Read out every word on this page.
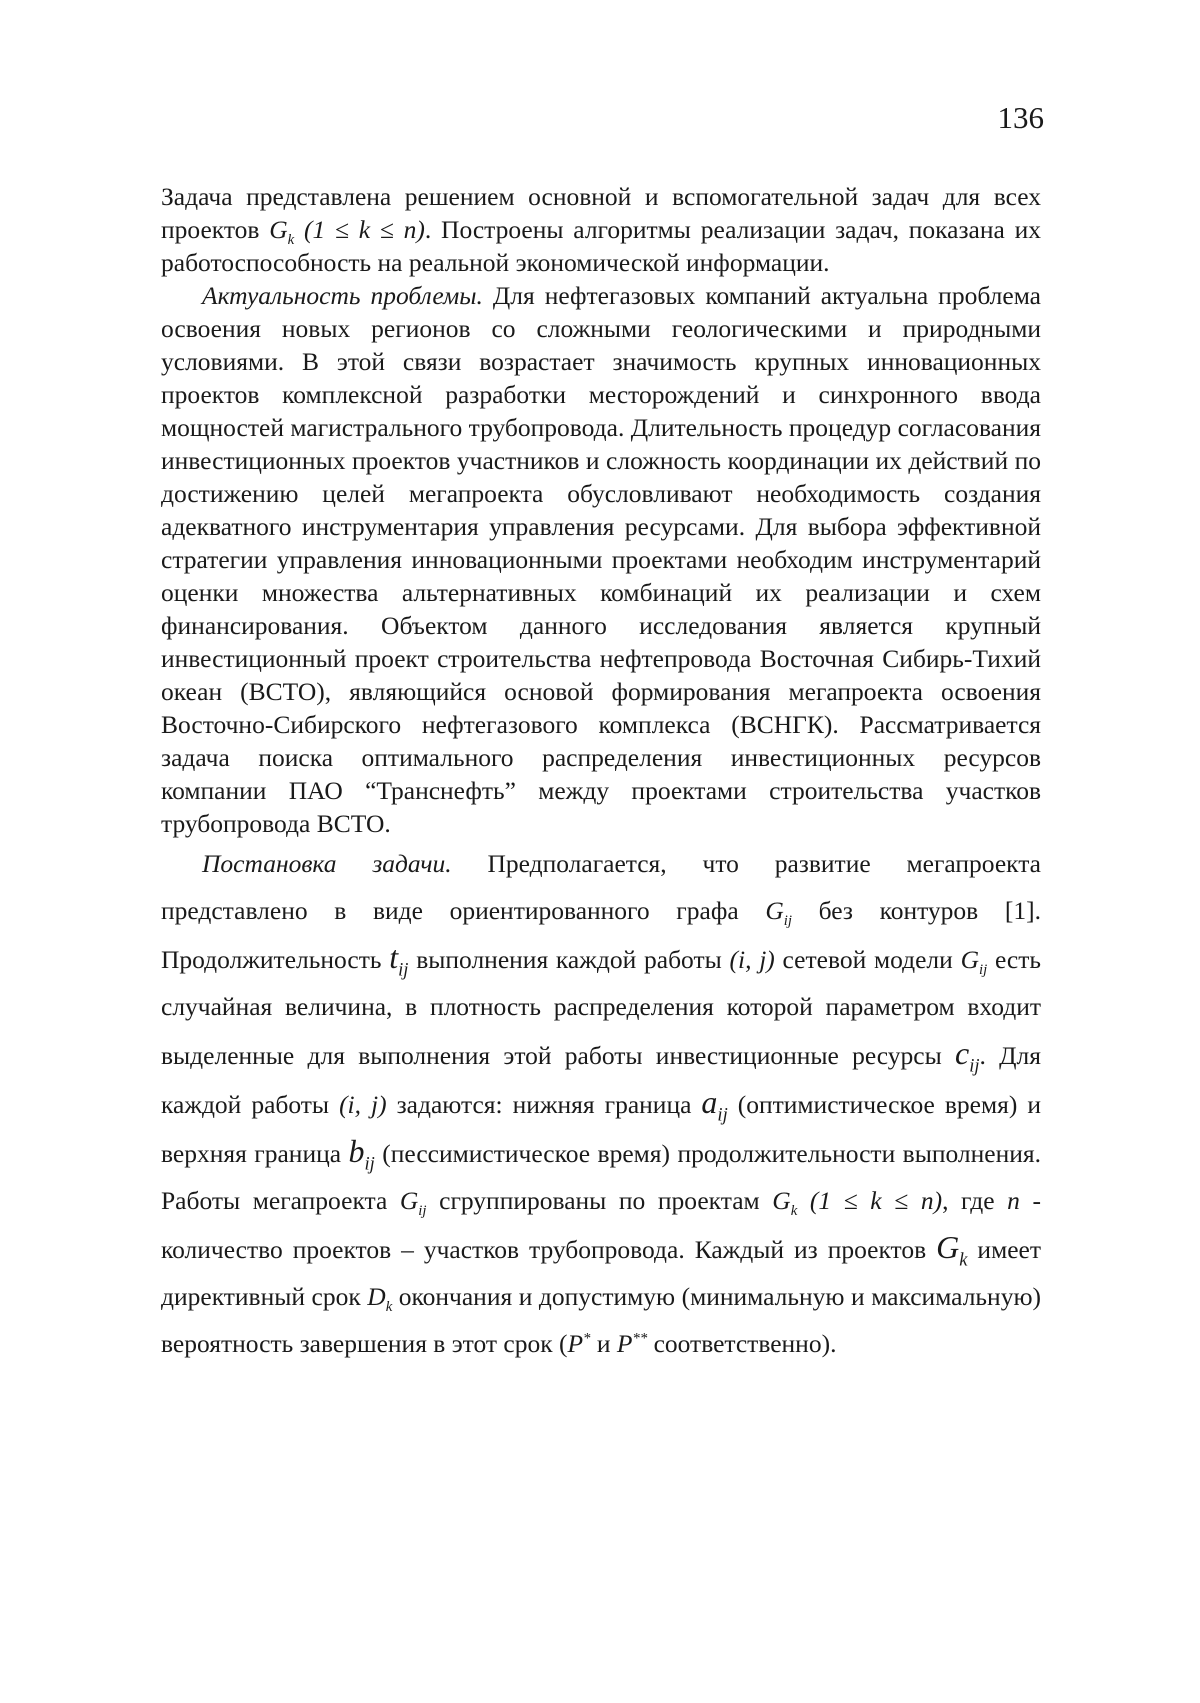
136

Задача представлена решением основной и вспомогательной задач для всех проектов $G_k$ (1 ≤ k ≤ n). Построены алгоритмы реализации задач, показана их работоспособность на реальной экономической информации.

Актуальность проблемы. Для нефтегазовых компаний актуальна проблема освоения новых регионов со сложными геологическими и природными условиями. В этой связи возрастает значимость крупных инновационных проектов комплексной разработки месторождений и синхронного ввода мощностей магистрального трубопровода. Длительность процедур согласования инвестиционных проектов участников и сложность координации их действий по достижению целей мегапроекта обусловливают необходимость создания адекватного инструментария управления ресурсами. Для выбора эффективной стратегии управления инновационными проектами необходим инструментарий оценки множества альтернативных комбинаций их реализации и схем финансирования. Объектом данного исследования является крупный инвестиционный проект строительства нефтепровода Восточная Сибирь-Тихий океан (ВСТО), являющийся основой формирования мегапроекта освоения Восточно-Сибирского нефтегазового комплекса (ВСНГК). Рассматривается задача поиска оптимального распределения инвестиционных ресурсов компании ПАО “Транснефть” между проектами строительства участков трубопровода ВСТО.

Постановка задачи. Предполагается, что развитие мегапроекта представлено в виде ориентированного графа $G_{ij}$ без контуров [1]. Продолжительность $t_{ij}$ выполнения каждой работы (i, j) сетевой модели $G_{ij}$ есть случайная величина, в плотность распределения которой параметром входит выделенные для выполнения этой работы инвестиционные ресурсы $c_{ij}$. Для каждой работы (i, j) задаются: нижняя граница $a_{ij}$ (оптимистическое время) и верхняя граница $b_{ij}$ (пессимистическое время) продолжительности выполнения. Работы мегапроекта $G_{ij}$ сгруппированы по проектам $G_k$ (1 ≤ k ≤ n), где n - количество проектов – участков трубопровода. Каждый из проектов $G_k$ имеет директивный срок $D_k$ окончания и допустимую (минимальную и максимальную) вероятность завершения в этот срок (P* и P** соответственно).
